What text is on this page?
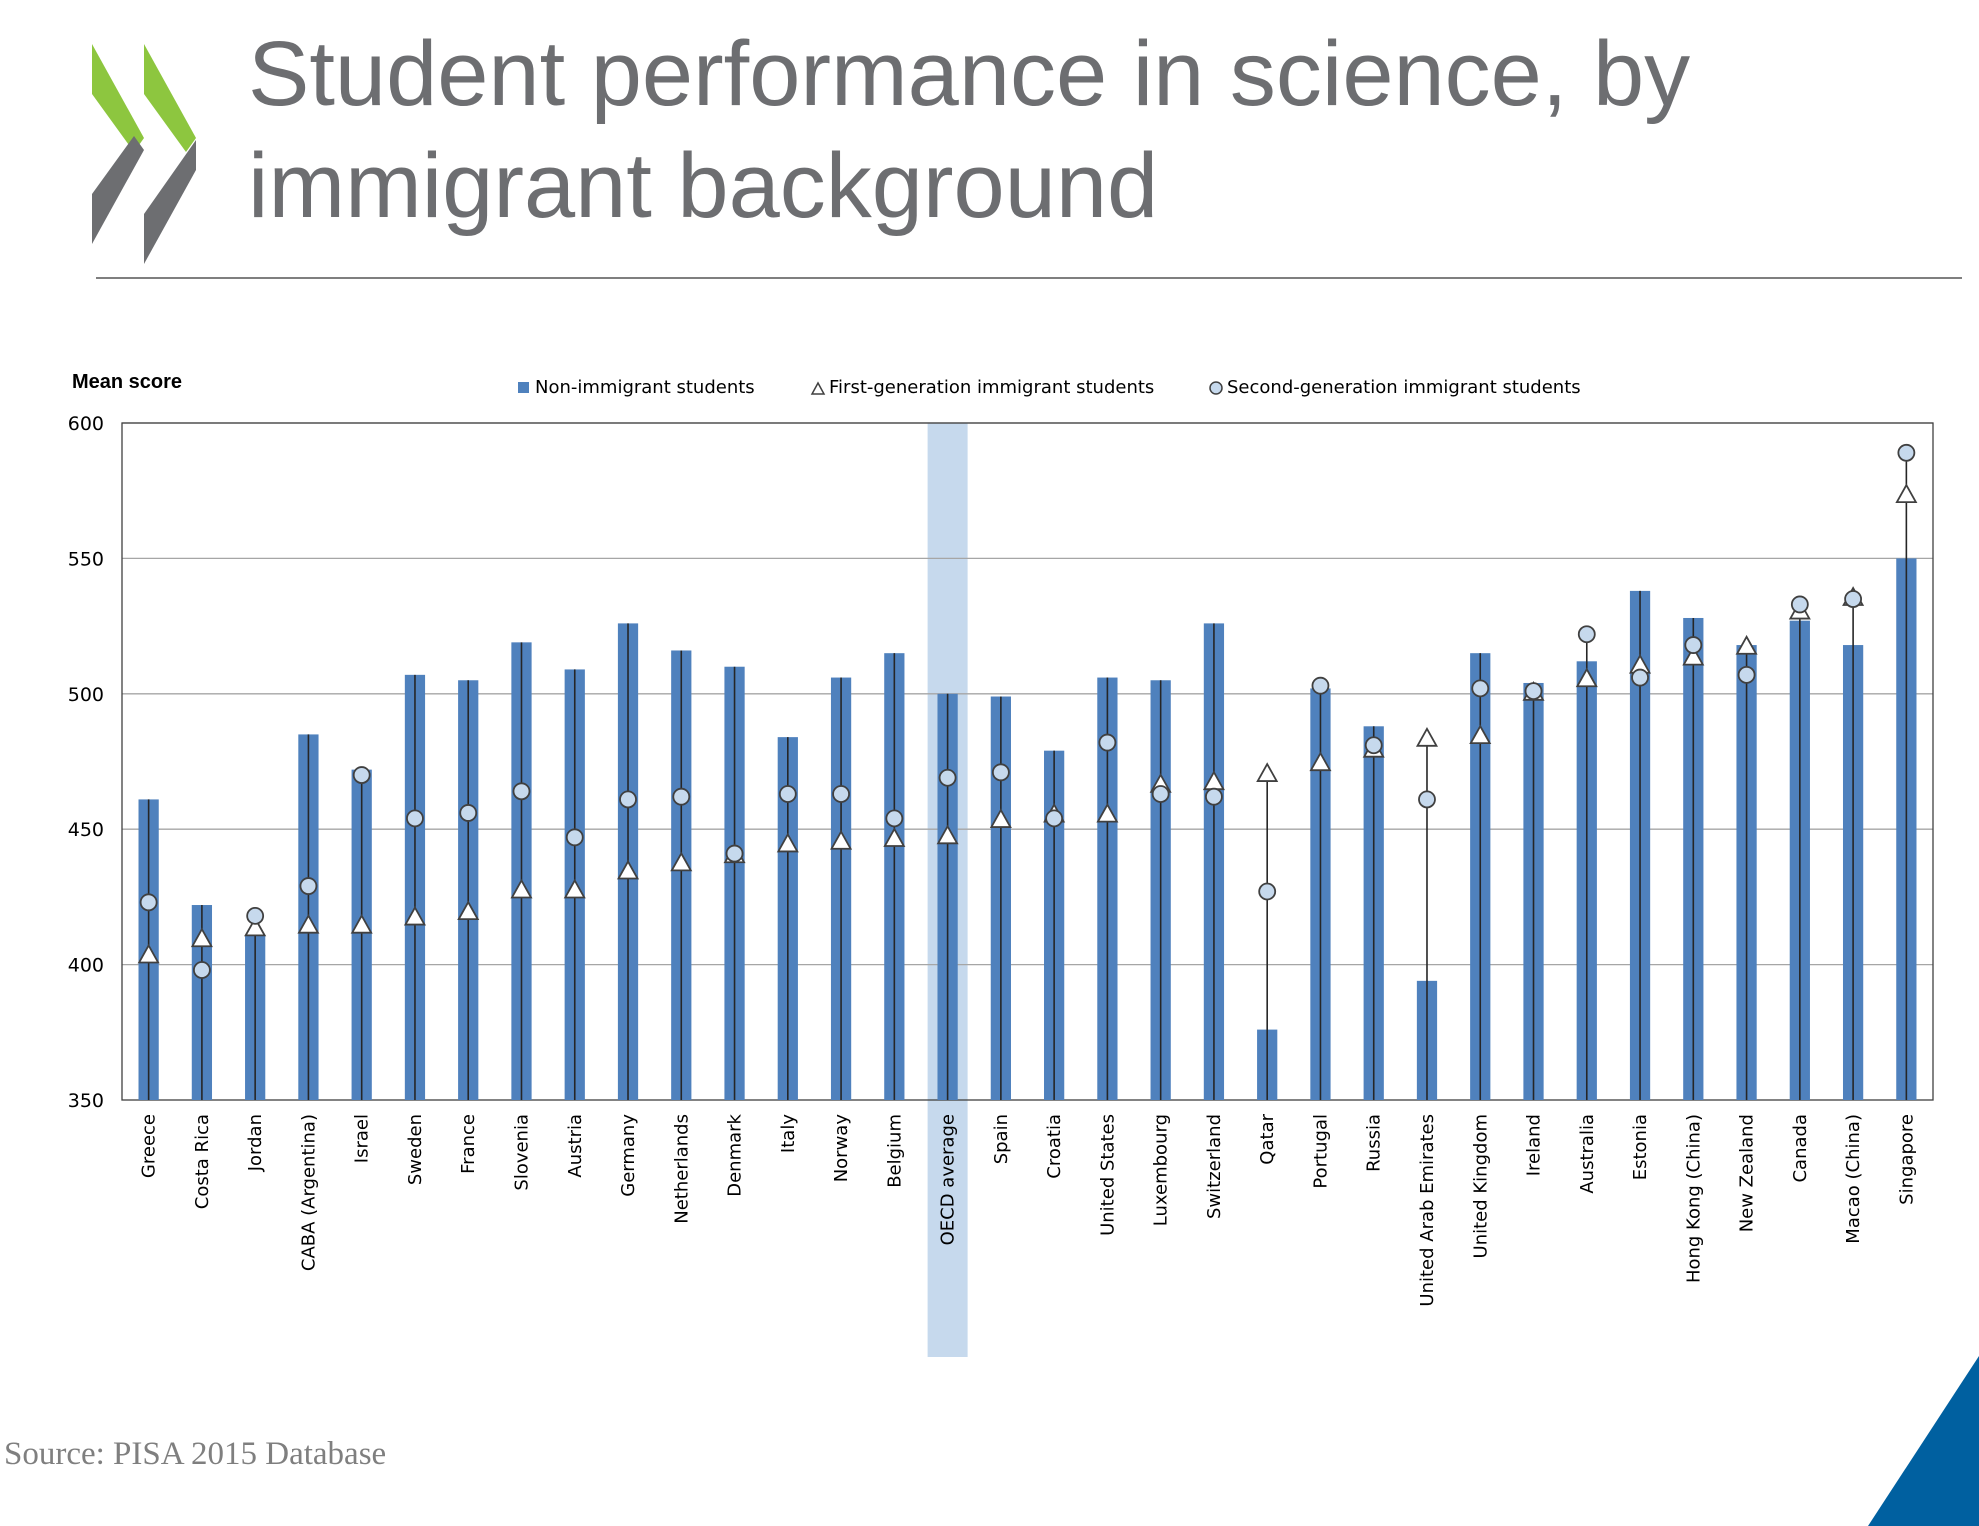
Student performance in science, by immigrant background
Mean score	Non-immigrant students	First-generation immigrant students	Second-generation immigrant students
350
400
450
500
550
600
Greece Costa Rica Jordan CABA (Argentina) Israel Sweden France Slovenia Austria Germany Netherlands Denmark Italy Norway Belgium OECD average Spain Croatia United States Luxembourg Switzerland Qatar Portugal Russia United Arab Emirates United Kingdom Ireland Australia Estonia Hong Kong (China) New Zealand Canada Macao (China) Singapore
Source: PISA 2015 Database
